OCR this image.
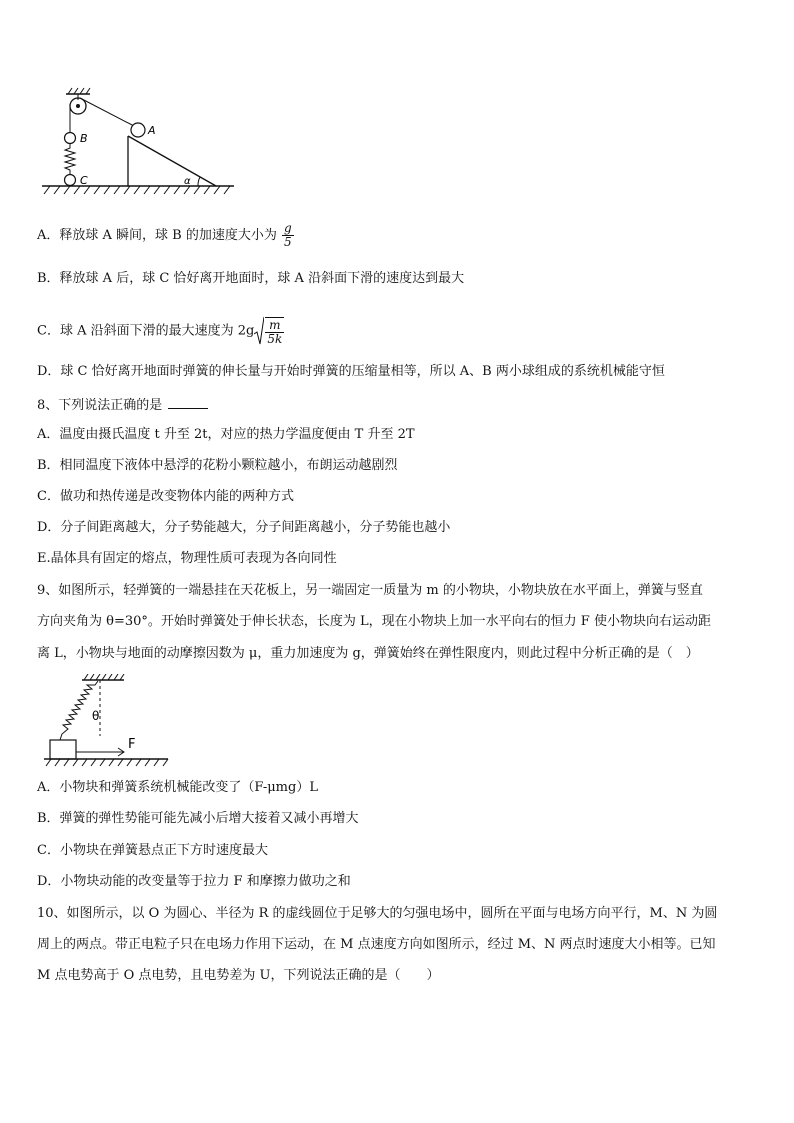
B
C
A
α
A．释放球 A 瞬间，球 B 的加速度大小为 $\frac{g}{5}$
B．释放球 A 后，球 C 恰好离开地面时，球 A 沿斜面下滑的速度达到最大
C．球 A 沿斜面下滑的最大速度为 $2g \frac{m}{5k}$
D．球 C 恰好离开地面时弹簧的伸长量与开始时弹簧的压缩量相等，所以 A、B 两小球组成的系统机械能守恒
8、下列说法正确的是
A．温度由摄氏温度 t 升至 2t，对应的热力学温度便由 T 升至 2T
B．相同温度下液体中悬浮的花粉小颗粒越小，布朗运动越剧烈
C．做功和热传递是改变物体内能的两种方式
D．分子间距离越大，分子势能越大，分子间距离越小，分子势能也越小
E.晶体具有固定的熔点，物理性质可表现为各向同性
9、如图所示，轻弹簧的一端悬挂在天花板上，另一端固定一质量为 m 的小物块，小物块放在水平面上，弹簧与竖直
方向夹角为 θ=30°。开始时弹簧处于伸长状态，长度为 L，现在小物块上加一水平向右的恒力 F 使小物块向右运动距
离 L，小物块与地面的动摩擦因数为 μ，重力加速度为 g，弹簧始终在弹性限度内，则此过程中分析正确的是（　）
θ
F
A．小物块和弹簧系统机械能改变了（F-μmg）L
B．弹簧的弹性势能可能先减小后增大接着又减小再增大
C．小物块在弹簧悬点正下方时速度最大
D．小物块动能的改变量等于拉力 F 和摩擦力做功之和
10、如图所示，以 O 为圆心、半径为 R 的虚线圆位于足够大的匀强电场中，圆所在平面与电场方向平行，M、N 为圆
周上的两点。带正电粒子只在电场力作用下运动，在 M 点速度方向如图所示，经过 M、N 两点时速度大小相等。已知
M 点电势高于 O 点电势，且电势差为 U，下列说法正确的是（　　）
